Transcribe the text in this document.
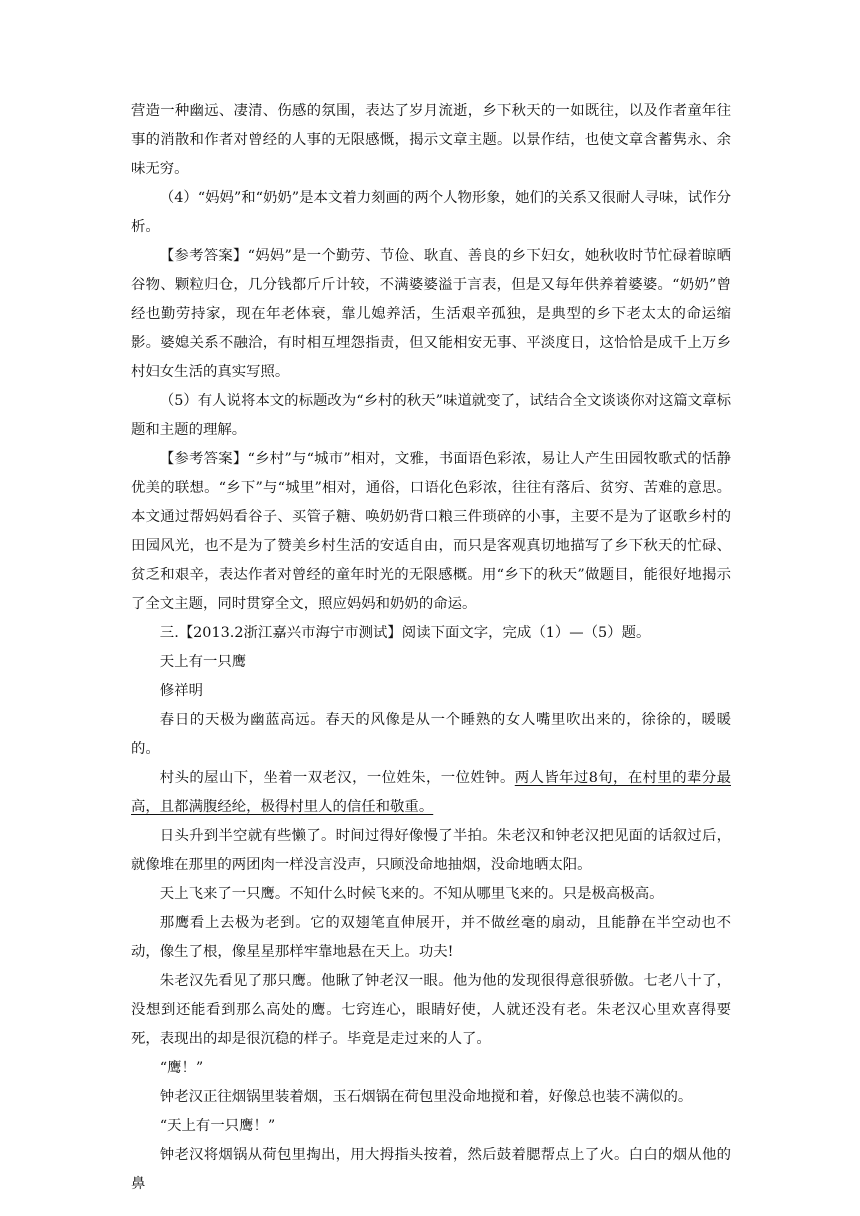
营造一种幽远、凄清、伤感的氛围，表达了岁月流逝，乡下秋天的一如既往，以及作者童年往事的消散和作者对曾经的人事的无限感慨，揭示文章主题。以景作结，也使文章含蓄隽永、余味无穷。

（4）“妈妈”和“奶奶”是本文着力刻画的两个人物形象，她们的关系又很耐人寻味，试作分析。

【参考答案】“妈妈”是一个勤劳、节俭、耿直、善良的乡下妇女，她秋收时节忙碌着晾晒谷物、颗粒归仓，几分钱都斤斤计较，不满婆婆溢于言表，但是又每年供养着婆婆。“奶奶”曾经也勤劳持家，现在年老体衰，靠儿媳养活，生活艰辛孤独，是典型的乡下老太太的命运缩影。婆媳关系不融洽，有时相互埋怨指责，但又能相安无事、平淡度日，这恰恰是成千上万乡村妇女生活的真实写照。

（5）有人说将本文的标题改为“乡村的秋天”味道就变了，试结合全文谈谈你对这篇文章标题和主题的理解。

【参考答案】“乡村”与“城市”相对，文雅，书面语色彩浓，易让人产生田园牧歌式的恬静优美的联想。“乡下”与“城里”相对，通俗，口语化色彩浓，往往有落后、贫穷、苦难的意思。本文通过帮妈妈看谷子、买管子糖、唤奶奶背口粮三件琐碎的小事，主要不是为了讴歌乡村的田园风光，也不是为了赞美乡村生活的安适自由，而只是客观真切地描写了乡下秋天的忙碌、贫乏和艰辛，表达作者对曾经的童年时光的无限感概。用“乡下的秋天”做题目，能很好地揭示了全文主题，同时贯穿全文，照应妈妈和奶奶的命运。

三.【2013.2浙江嘉兴市海宁市测试】阅读下面文字，完成（1）—（5）题。

天上有一只鹰

修祥明

春日的天极为幽蓝高远。春天的风像是从一个睡熟的女人嘴里吹出来的，徐徐的，暖暖的。

村头的屋山下，坐着一双老汉，一位姓朱，一位姓钟。两人皆年过8旬，在村里的辈分最高，且都满腹经纶，极得村里人的信任和敬重。

日头升到半空就有些懒了。时间过得好像慢了半拍。朱老汉和钟老汉把见面的话叙过后，就像堆在那里的两团肉一样没言没声，只顾没命地抽烟，没命地晒太阳。

天上飞来了一只鹰。不知什么时候飞来的。不知从哪里飞来的。只是极高极高。

那鹰看上去极为老到。它的双翅笔直伸展开，并不做丝毫的扇动，且能静在半空动也不动，像生了根，像星星那样牢靠地悬在天上。功夫!

朱老汉先看见了那只鹰。他瞅了钟老汉一眼。他为他的发现很得意很骄傲。七老八十了，没想到还能看到那么高处的鹰。七窍连心，眼睛好使，人就还没有老。朱老汉心里欢喜得要死，表现出的却是很沉稳的样子。毕竟是走过来的人了。

“鹰！”

钟老汉正往烟锅里装着烟，玉石烟锅在荷包里没命地搅和着，好像总也装不满似的。

“天上有一只鹰！”

钟老汉将烟锅从荷包里掏出，用大拇指头按着，然后鼓着腮帮点上了火。白白的烟从他的鼻
